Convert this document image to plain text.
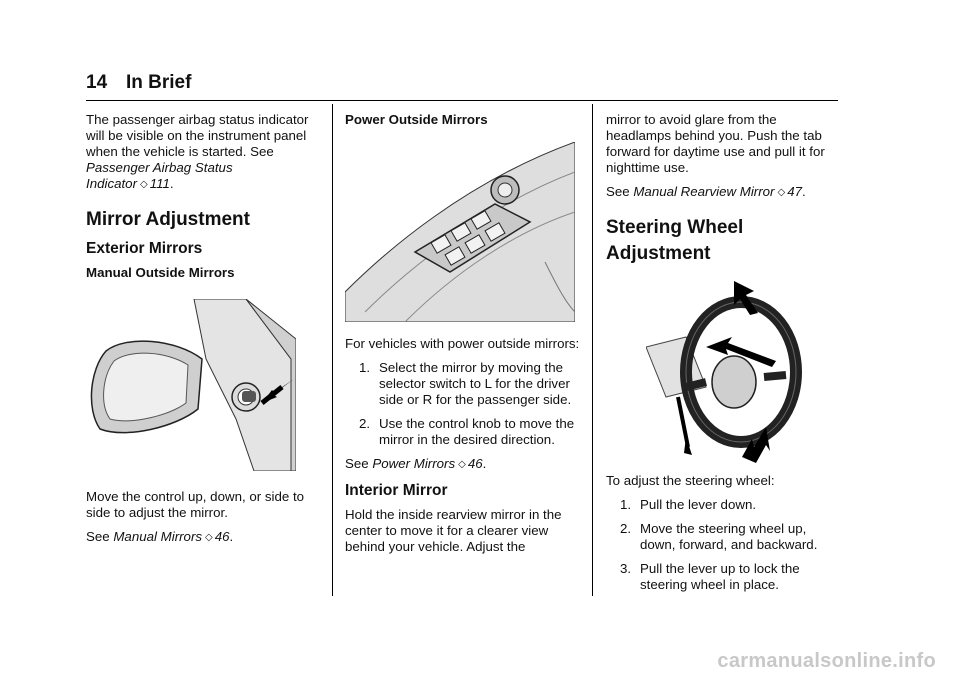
14 In Brief

The passenger airbag status indicator will be visible on the instrument panel when the vehicle is started. See Passenger Airbag Status Indicator ◇ 111.

Mirror Adjustment
Exterior Mirrors
Manual Outside Mirrors

Move the control up, down, or side to side to adjust the mirror.

See Manual Mirrors ◇ 46.

Power Outside Mirrors

For vehicles with power outside mirrors:

1. Select the mirror by moving the selector switch to L for the driver side or R for the passenger side.
2. Use the control knob to move the mirror in the desired direction.

See Power Mirrors ◇ 46.

Interior Mirror

Hold the inside rearview mirror in the center to move it for a clearer view behind your vehicle. Adjust the

mirror to avoid glare from the headlamps behind you. Push the tab forward for daytime use and pull it for nighttime use.

See Manual Rearview Mirror ◇ 47.

Steering Wheel Adjustment

To adjust the steering wheel:

1. Pull the lever down.
2. Move the steering wheel up, down, forward, and backward.
3. Pull the lever up to lock the steering wheel in place.
carmanualsonline.info
